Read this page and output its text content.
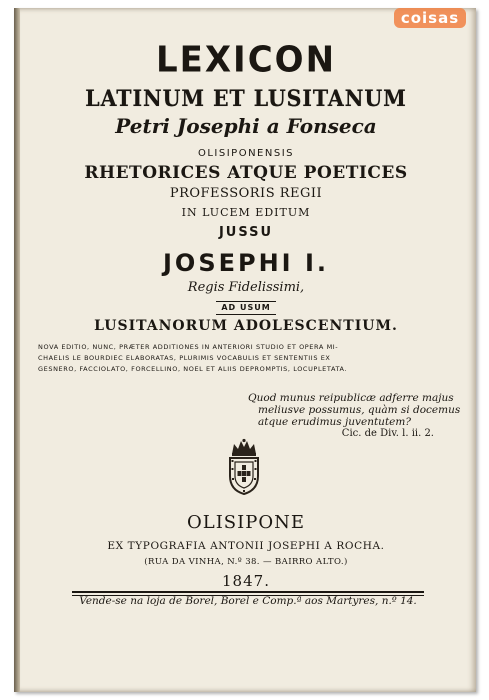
coisas
LEXICON
LATINUM ET LUSITANUM
Petri Josephi a Fonseca
OLISIPONENSIS
RHETORICES ATQUE POETICES
PROFESSORIS REGII
IN LUCEM EDITUM
JUSSU
JOSEPHI I.
Regis Fidelissimi,
AD USUM
LUSITANORUM ADOLESCENTIUM.
NOVA EDITIO, NUNC, PRÆTER ADDITIONES IN ANTERIORI STUDIO ET OPERA MI-
CHAELIS LE BOURDIEC ELABORATAS, PLURIMIS VOCABULIS ET SENTENTIIS EX
GESNERO, FACCIOLATO, FORCELLINO, NOEL ET ALIIS DEPROMPTIS, LOCUPLETATA.
Quod munus reipublicæ adferre majus
meliusve possumus, quàm si docemus
atque erudimus juventutem?
Cic. de Div. l. ii. 2.
OLISIPONE
EX TYPOGRAFIA ANTONII JOSEPHI A ROCHA.
(RUA DA VINHA, N.º 38. — BAIRRO ALTO.)
1847.
Vende-se na loja de Borel, Borel e Comp.ª aos Martyres, n.º 14.
